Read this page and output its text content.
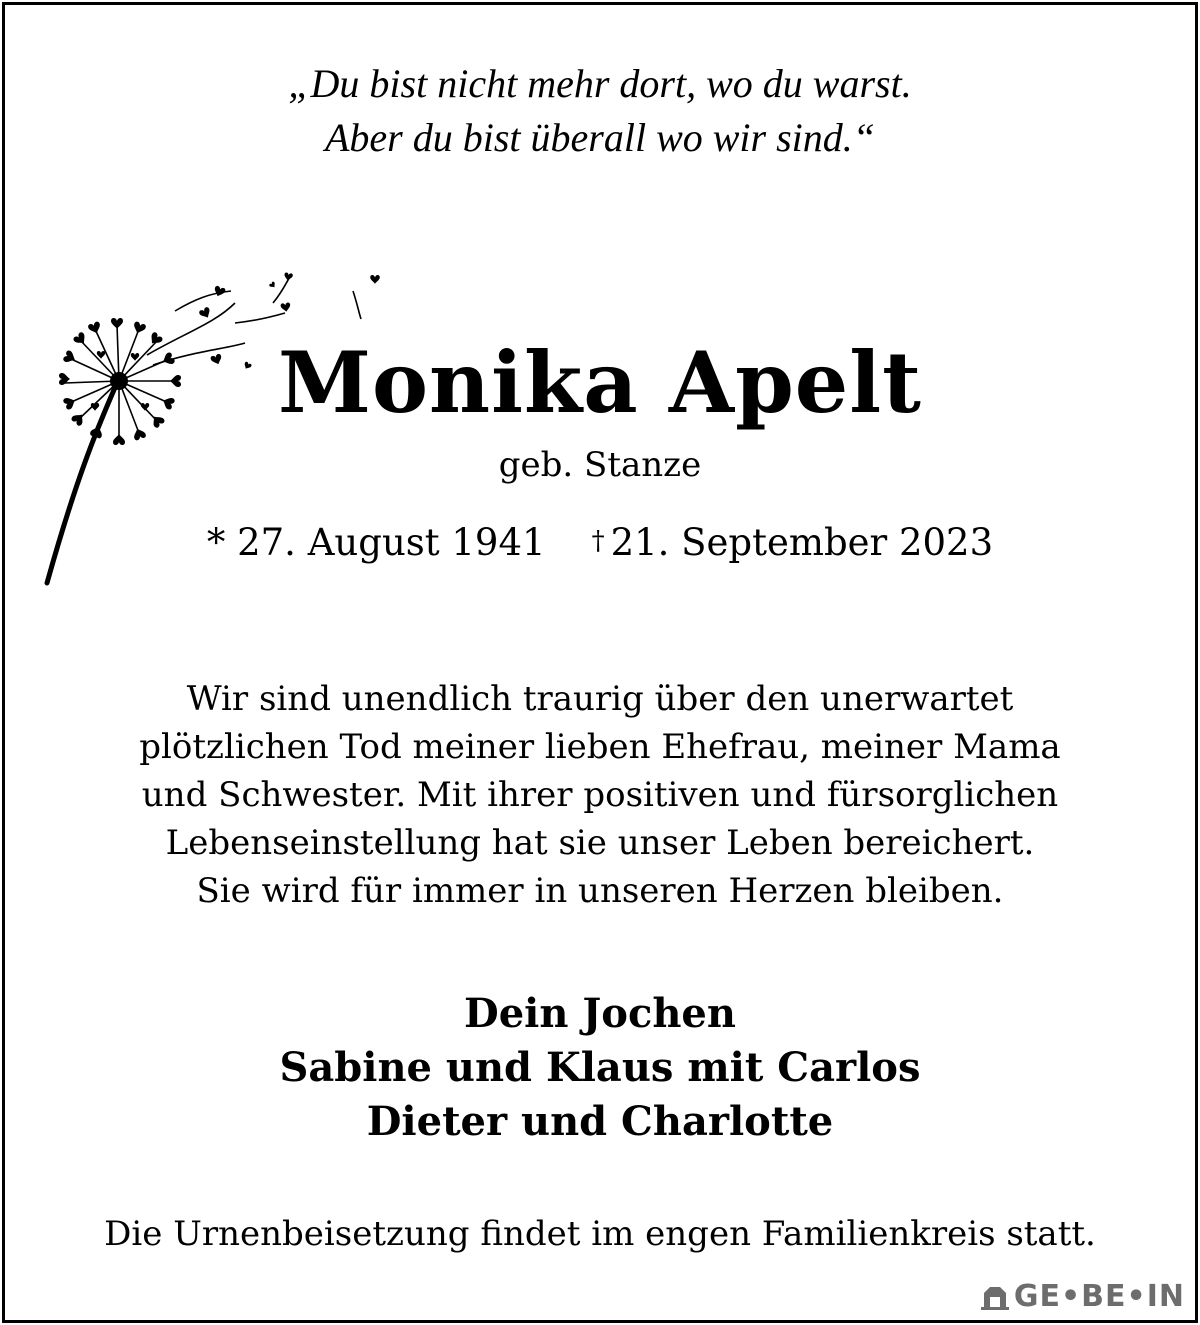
„Du bist nicht mehr dort, wo du warst.
Aber du bist überall wo wir sind.“
Monika Apelt
geb. Stanze
* 27. August 1941 † 21. September 2023
Wir sind unendlich traurig über den unerwartet
plötzlichen Tod meiner lieben Ehefrau, meiner Mama
und Schwester. Mit ihrer positiven und fürsorglichen
Lebenseinstellung hat sie unser Leben bereichert.
Sie wird für immer in unseren Herzen bleiben.
Dein Jochen
Sabine und Klaus mit Carlos
Dieter und Charlotte
Die Urnenbeisetzung findet im engen Familienkreis statt.
GE•BE•IN
